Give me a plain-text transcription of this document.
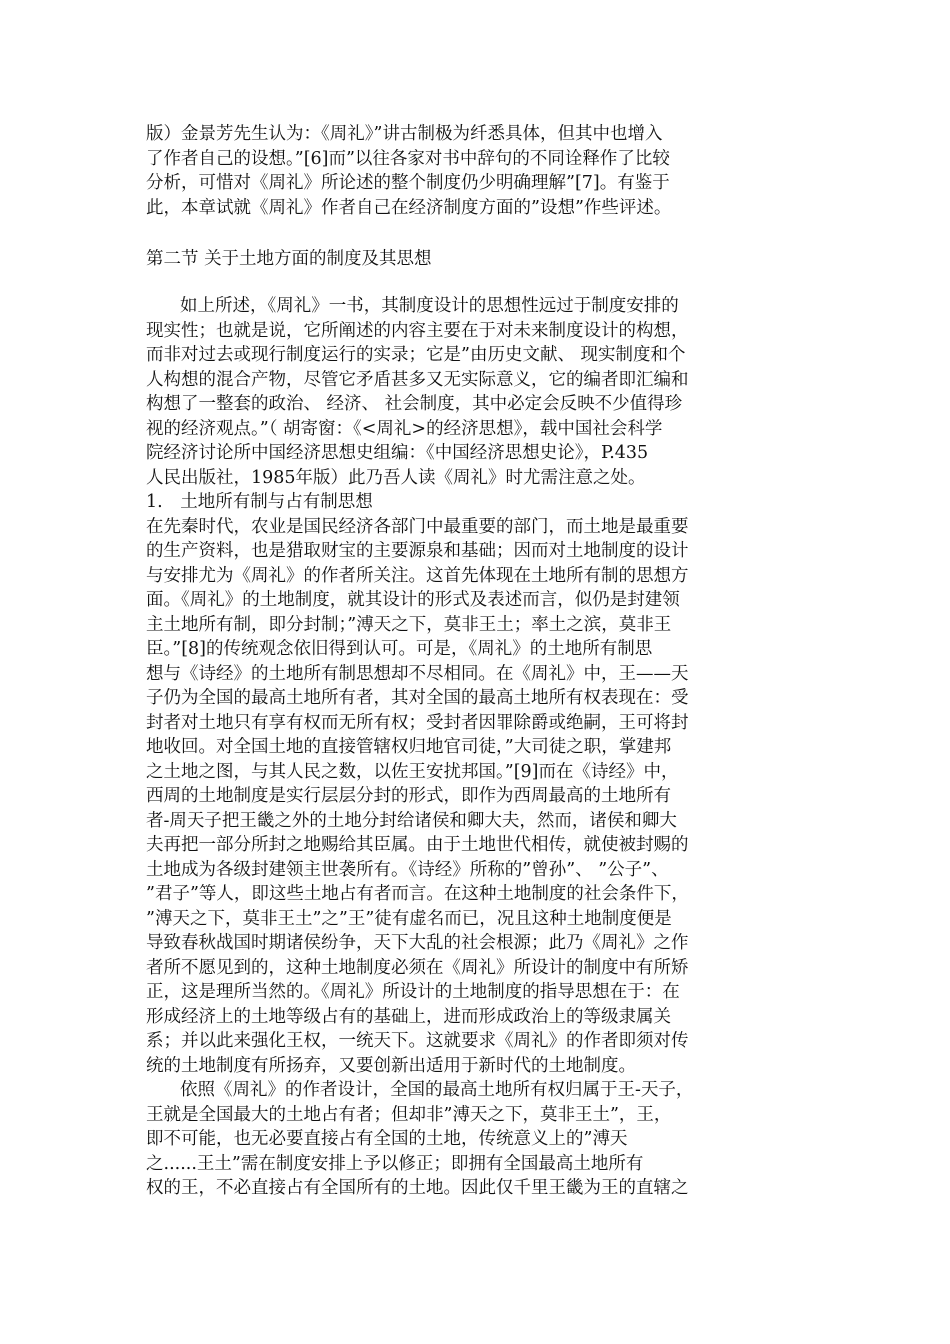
版）金景芳先生认为：《周礼》”讲古制极为纤悉具体，但其中也增入
了作者自己的设想。”[6]而”以往各家对书中辞句的不同诠释作了比较
分析，可惜对《周礼》所论述的整个制度仍少明确理解”[7]。有鉴于
此，本章试就《周礼》作者自己在经济制度方面的”设想”作些评述。
第二节 关于土地方面的制度及其思想
如上所述，《周礼》一书，其制度设计的思想性远过于制度安排的
现实性；也就是说，它所阐述的内容主要在于对未来制度设计的构想，
而非对过去或现行制度运行的实录；它是”由历史文献、 现实制度和个
人构想的混合产物，尽管它矛盾甚多又无实际意义，它的编者即汇编和
构想了一整套的政治、 经济、 社会制度，其中必定会反映不少值得珍
视的经济观点。”（ 胡寄窗：《<周礼>的经济思想》，载中国社会科学
院经济讨论所中国经济思想史组编：《中国经济思想史论》，P.435
人民出版社，1985年版）此乃吾人读《周礼》时尤需注意之处。
1.　土地所有制与占有制思想
在先秦时代，农业是国民经济各部门中最重要的部门，而土地是最重要
的生产资料，也是猎取财宝的主要源泉和基础；因而对土地制度的设计
与安排尤为《周礼》的作者所关注。这首先体现在土地所有制的思想方
面。《周礼》的土地制度，就其设计的形式及表述而言，似仍是封建领
主土地所有制，即分封制；”溥天之下，莫非王土；率土之滨，莫非王
臣。”[8]的传统观念依旧得到认可。可是，《周礼》的土地所有制思
想与《诗经》的土地所有制思想却不尽相同。在《周礼》中，王——天
子仍为全国的最高土地所有者，其对全国的最高土地所有权表现在：受
封者对土地只有享有权而无所有权；受封者因罪除爵或绝嗣，王可将封
地收回。对全国土地的直接管辖权归地官司徒，”大司徒之职，掌建邦
之土地之图，与其人民之数，以佐王安扰邦国。”[9]而在《诗经》中，
西周的土地制度是实行层层分封的形式，即作为西周最高的土地所有
者-周天子把王畿之外的土地分封给诸侯和卿大夫，然而，诸侯和卿大
夫再把一部分所封之地赐给其臣属。由于土地世代相传，就使被封赐的
土地成为各级封建领主世袭所有。《诗经》所称的”曾孙”、 ”公子”、
”君子”等人，即这些土地占有者而言。在这种土地制度的社会条件下，
”溥天之下，莫非王土”之”王”徒有虚名而已，况且这种土地制度便是
导致春秋战国时期诸侯纷争，天下大乱的社会根源；此乃《周礼》之作
者所不愿见到的，这种土地制度必须在《周礼》所设计的制度中有所矫
正，这是理所当然的。《周礼》所设计的土地制度的指导思想在于：在
形成经济上的土地等级占有的基础上，进而形成政治上的等级隶属关
系；并以此来强化王权，一统天下。这就要求《周礼》的作者即须对传
统的土地制度有所扬弃，又要创新出适用于新时代的土地制度。
依照《周礼》的作者设计，全国的最高土地所有权归属于王-天子，
王就是全国最大的土地占有者；但却非”溥天之下，莫非王土”，王，
即不可能，也无必要直接占有全国的土地，传统意义上的”溥天
之......王土”需在制度安排上予以修正；即拥有全国最高土地所有
权的王，不必直接占有全国所有的土地。因此仅千里王畿为王的直辖之
